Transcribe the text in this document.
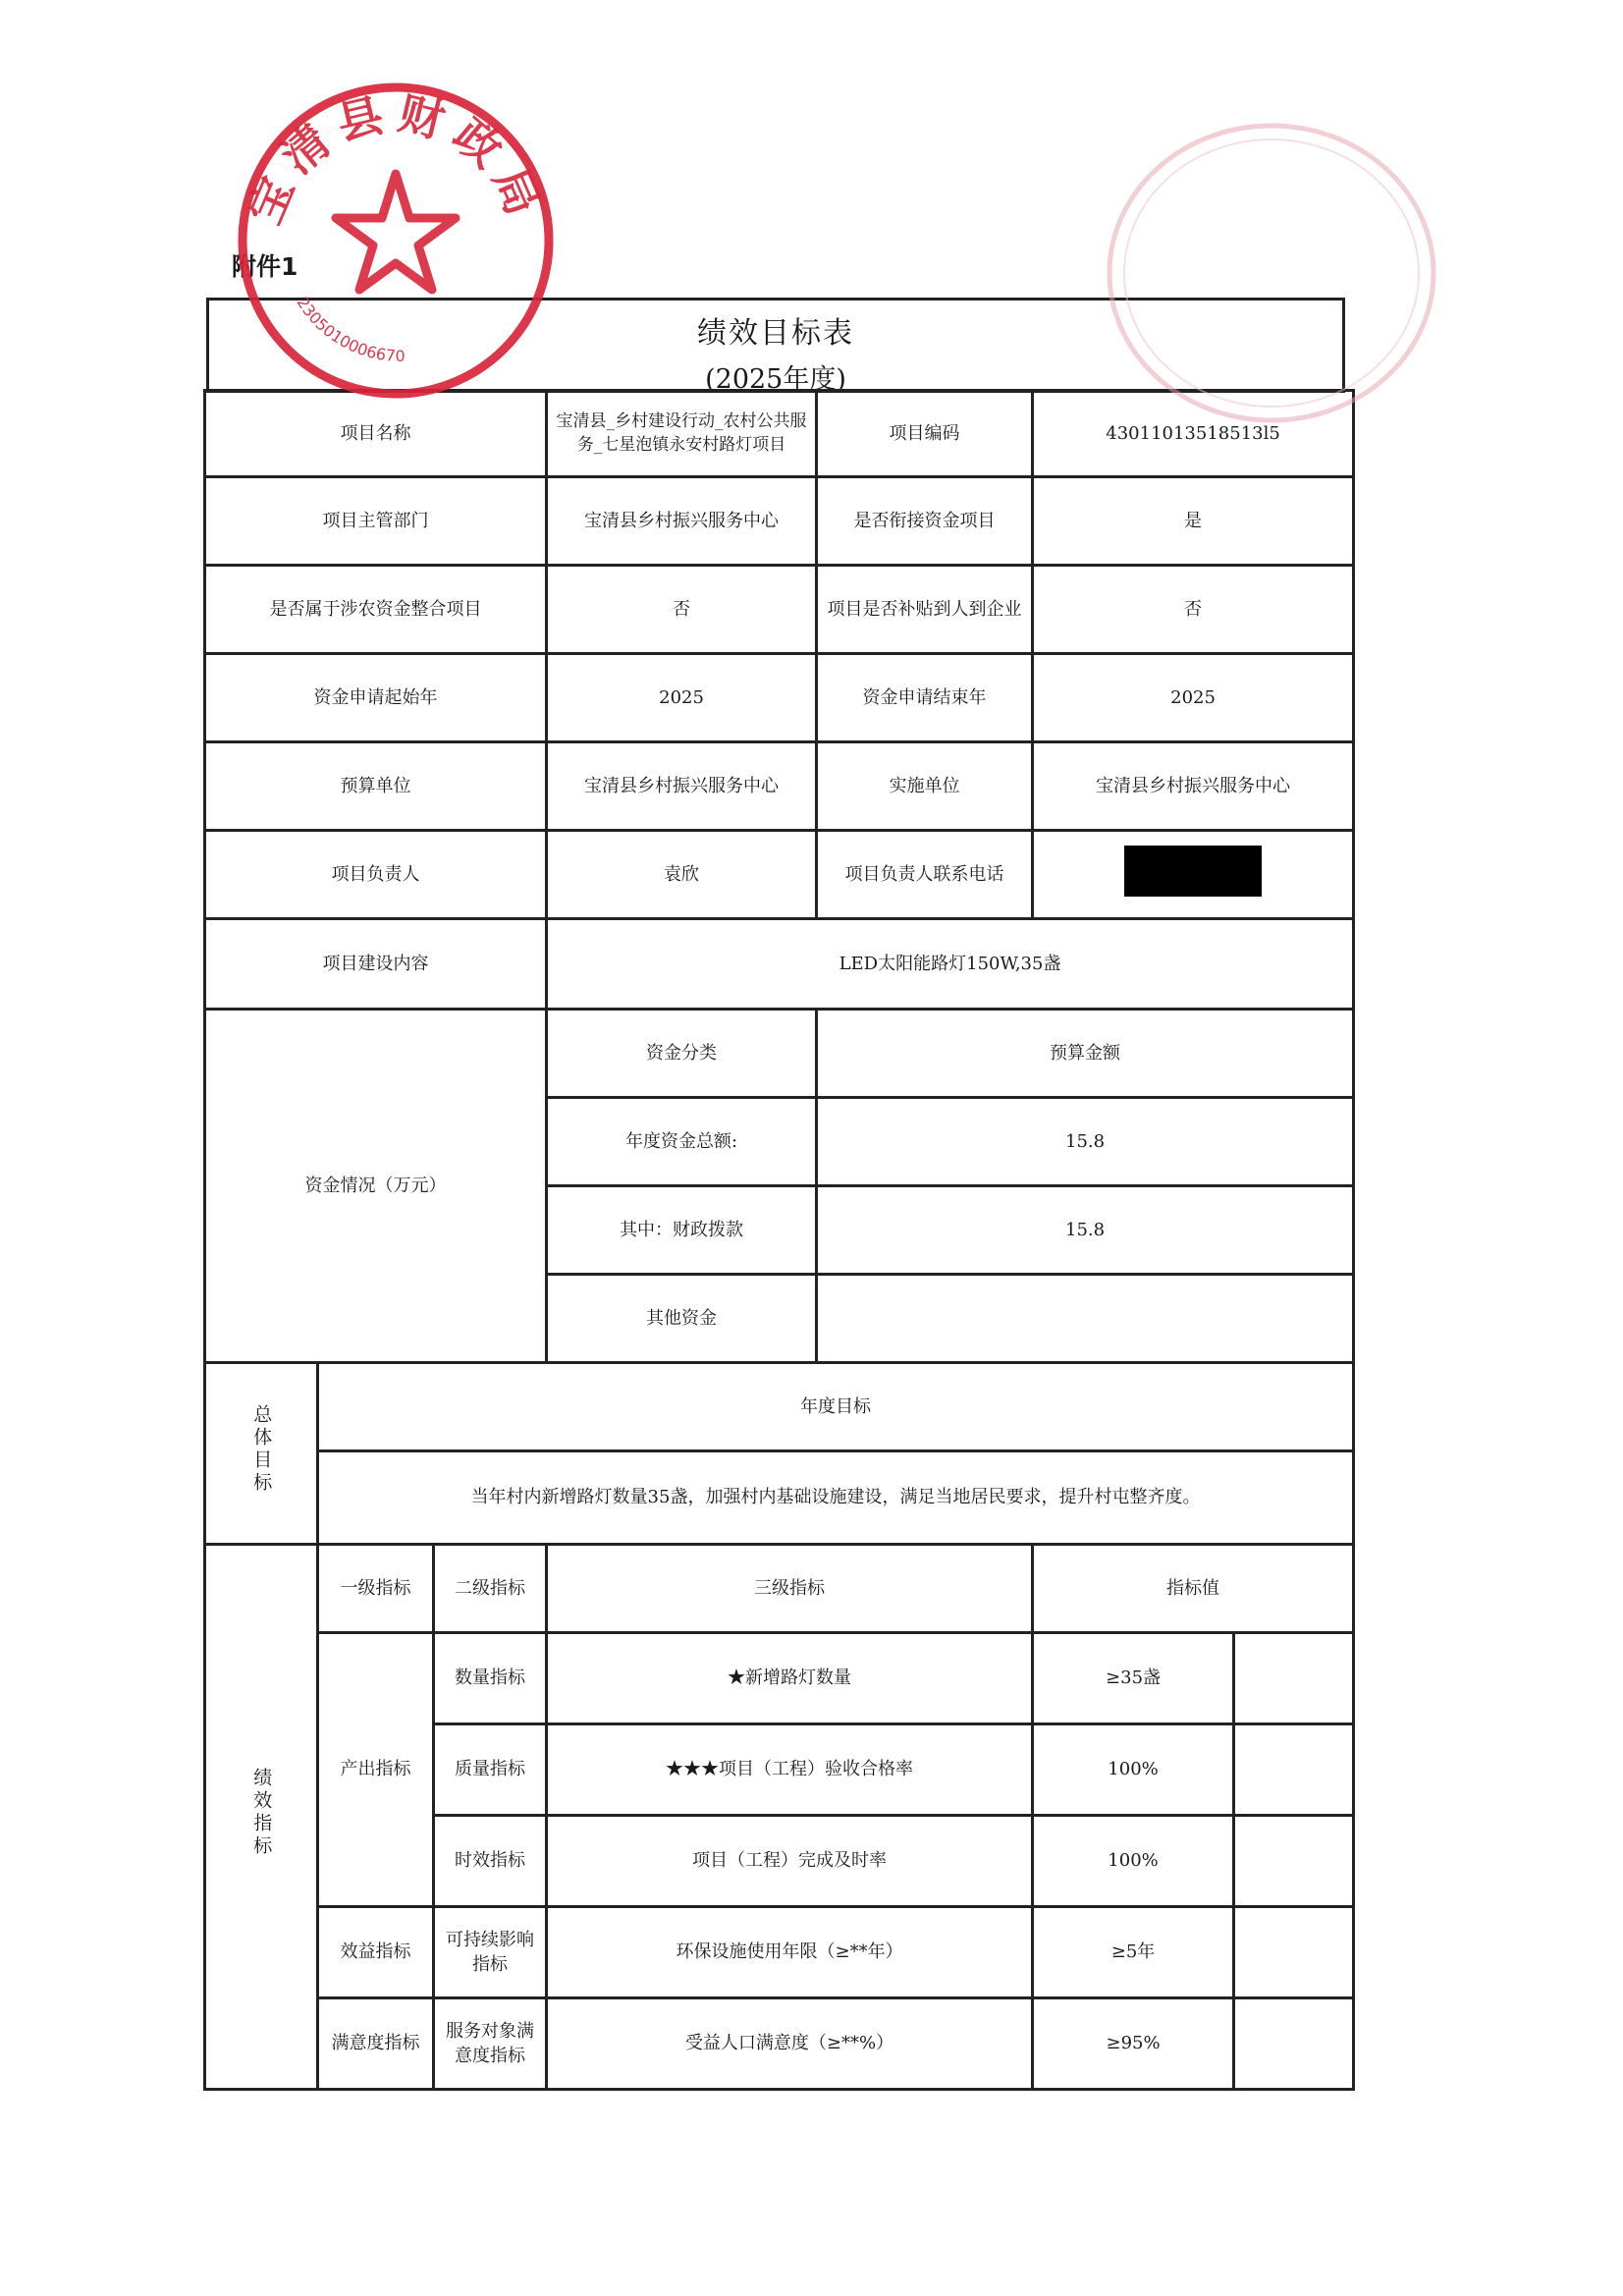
附件1
绩效目标表
(2025年度)
项目名称			宝清县_乡村建设行动_农村公共服务_七星泡镇永安村路灯项目	项目编码	43011013518513l5	
项目主管部门			宝清县乡村振兴服务中心	是否衔接资金项目	是	
是否属于涉农资金整合项目			否	项目是否补贴到人到企业	否	
资金申请起始年			2025	资金申请结束年	2025	
预算单位			宝清县乡村振兴服务中心	实施单位	宝清县乡村振兴服务中心	
项目负责人			袁欣	项目负责人联系电话		
项目建设内容			LED太阳能路灯150W,35盏			
资金情况（万元）			资金分类	预算金额		
			年度资金总额:	15.8		
			其中：财政拨款	15.8		
			其他资金			
总体目标	年度目标					
	当年村内新增路灯数量35盏，加强村内基础设施建设，满足当地居民要求，提升村屯整齐度。					
绩效指标	一级指标	二级指标	三级指标		指标值	
	产出指标	数量指标	★新增路灯数量		≥35盏	
		质量指标	★★★项目（工程）验收合格率		100%	
		时效指标	项目（工程）完成及时率		100%	
	效益指标	可持续影响指标	环保设施使用年限（≥**年）		≥5年	
	满意度指标	服务对象满意度指标	受益人口满意度（≥**%）		≥95%	
宝清县财政局
2305010006670
